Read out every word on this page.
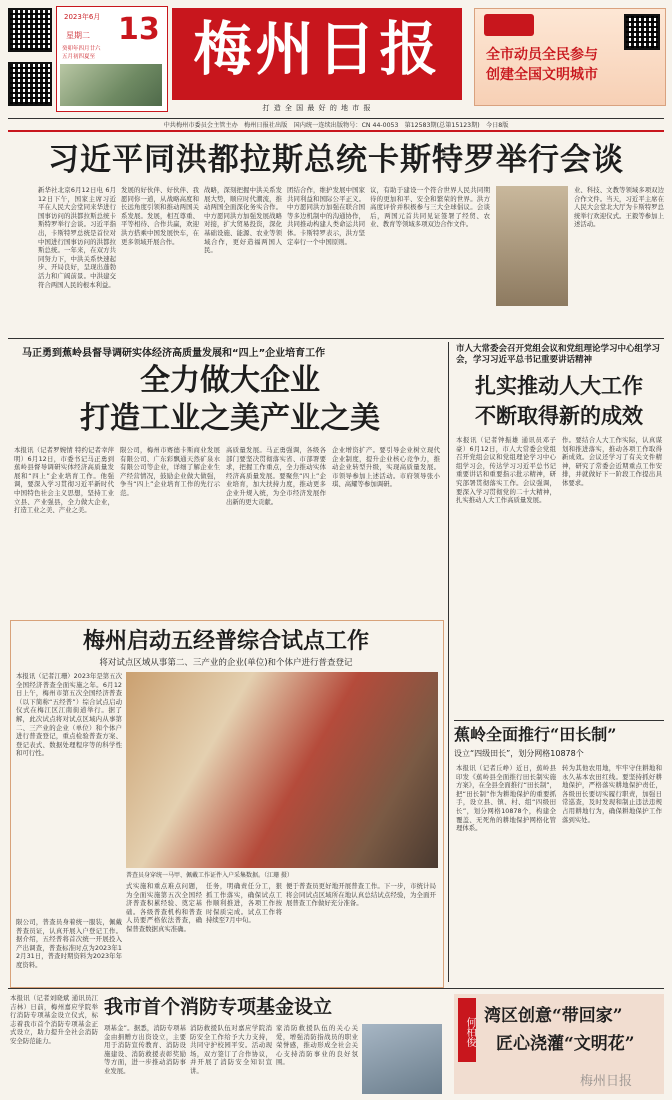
2023年6月 13
星期二
癸卯年四月廿六
五月初四夏至 梅州日报
打 造 全 国 最 好 的 地 市 报
全市动员全民参与
创建全国文明城市
中共梅州市委员会主管主办　梅州日报社出版　国内统一连续出版物号：CN 44-0053　第12583期(总第15123期)　今日8版
习近平同洪都拉斯总统卡斯特罗举行会谈
新华社北京6月12日电 6月12日下午，国家主席习近平在人民大会堂同来华进行国事访问的洪都拉斯总统卡斯特罗举行会谈。习近平指出，卡斯特罗总统是首位对中国进行国事访问的洪都拉斯总统。一年来，在双方共同努力下，中洪关系快速起步、开局良好，呈现出蓬勃活力和广阔前景。中洪建交符合两国人民的根本利益。
发展的好伙伴、好伙伴、我愿同你一道，从战略高度和长远角度引领和推动两国关系发展。发展，相互尊重、平等相待、合作共赢，欢迎洪方搭乘中国发展快车，在更多领域开展合作。
战略，深刻把握中洪关系发展大势，顺应时代潮流，推动两国全面深化务实合作。中方愿同洪方加强发展战略对接，扩大贸易投资，深化基础设施、能源、农业等领域合作，更好造福两国人民。
团结合作，维护发展中国家共同利益和国际公平正义。中方愿同洪方加强在联合国等多边机制中的沟通协作，共同推动构建人类命运共同体。卡斯特罗表示，洪方坚定奉行一个中国原则。
议，有助于建设一个符合世界人民共同期待的更加和平、安全和繁荣的世界。洪方高度评价并积极参与三大全球倡议。会谈后，两国元首共同见证签署了经贸、农业、教育等领域多项双边合作文件。
业、科技、文教等领域多项双边合作文件。当天，习近平主席在人民大会堂北大厅为卡斯特罗总统举行欢迎仪式。王毅等参加上述活动。
马正勇到蕉岭县督导调研实体经济高质量发展和“四上”企业培育工作
全力做大企业
打造工业之美产业之美
本报讯（记者罗婉情 特约记者幸萍明）6月12日，市委书记马正勇到蕉岭县督导调研实体经济高质量发展和“四上”企业培育工作。他强调，要深入学习贯彻习近平新时代中国特色社会主义思想，坚持工业立县、产业强县，全力做大企业，打造工业之美、产业之美。
限公司，梅州市赛德卡斯商业发展有限公司、广东彩飘通天然矿泉水有限公司等企业，详细了解企业生产经营情况，鼓励企业做大做强，争当“四上”企业培育工作的先行示范。
高质量发展。马正勇强调，各级各部门要坚决贯彻落实省、市部署要求，把握工作重点，全力推动实体经济高质量发展。要聚焦“四上”企业培育，加大扶持力度，推动更多企业升规入统，为全市经济发展作出新的更大贡献。
企业增资扩产。要引导企业树立现代企业制度，提升企业核心竞争力，推动企业转型升级，实现高质量发展。市领导参加上述活动。市府领导张小琪、高耀等参加调研。
市人大常委会召开党组会议和党组理论学习中心组学习会，学习习近平总书记重要讲话精神
扎实推动人大工作
不断取得新的成效
本报讯（记者钟振雄 通讯员邓子豪）6月12日，市人大常委会党组召开党组会议和党组理论学习中心组学习会，传达学习习近平总书记重要讲话和重要指示批示精神，研究部署贯彻落实工作。会议强调，要深入学习贯彻党的二十大精神，扎实推动人大工作高质量发展。
作。要结合人大工作实际，认真谋划和推进落实，推动各项工作取得新成效。会议还学习了有关文件精神，研究了常委会近期重点工作安排，并就做好下一阶段工作提出具体要求。
梅州启动五经普综合试点工作
将对试点区域从事第二、三产业的企业(单位)和个体户进行普查登记
本报讯（记者江珊）2023年是第五次全国经济普查全面实施之年。6月12日上午，梅州市第五次全国经济普查（以下简称“五经普”）综合试点启动仪式在梅江区江南街道举行。据了解，此次试点将对试点区域内从事第二、三产业的企业（单位）和个体户进行普查登记，重点检验普查方案、登记表式、数据处理程序等的科学性和可行性。
普查员身穿统一马甲、佩戴工作证件入户采集数据。（江珊 摄）
限公司，普查员身着统一服装，佩戴普查员证，认真开展入户登记工作。据介绍，五经普将首次统一开展投入产出调查，普查标准时点为2023年12月31日，普查时期资料为2023年年度资料。
式实施和重点难点问题，为全面实施第五次全国经济普查积累经验、奠定基础。各级普查机构和普查人员要严格依法普查，确保普查数据真实准确。
任务，明确责任分工，狠抓工作落实，确保试点工作顺利推进，各项工作按时保质完成。试点工作将持续至7月中旬。
便于普查员更好地开展普查工作。下一步，市统计局将会同试点区域所在地认真总结试点经验，为全面开展普查工作做好充分准备。
蕉岭全面推行“田长制”
设立“四级田长”，划分网格10878个
本报讯（记者丘峥）近日，蕉岭县印发《蕉岭县全面推行田长制实施方案》，在全县全面推行“田长制”，把“田长制”作为耕地保护的重要抓手，设立县、镇、村、组“四级田长”，划分网格10878个，构建全覆盖、无死角的耕地保护网格化管理体系。
转为其他农用地，牢牢守住耕地和永久基本农田红线。要坚持抓好耕地保护，严格落实耕地保护责任，各级田长要切实履行职责，加强日常巡查，及时发现和制止违法违规占用耕地行为，确保耕地保护工作落到实处。
我市首个消防专项基金设立
本报讯（记者刘晓斌 通讯员江吉林）日前，梅州嘉应学院举行消防专项基金设立仪式，标志着我市首个消防专项基金正式设立，助力提升全社会消防安全防范能力。
项基金”。据悉，消防专项基金由捐赠方出资设立，主要用于消防宣传教育、消防设施建设、消防救援表彰奖励等方面，进一步推动消防事业发展。
消防救援队伍对嘉应学院消防安全工作给予大力支持，共同守护校园平安。活动现场，双方签订了合作协议，并开展了消防安全知识宣讲。
家消防救援队伍的关心关爱，增强消防指战员的职业荣誉感，推动形成全社会关心支持消防事业的良好氛围。
何柏俊
湾区创意“带回家”
匠心浇灌“文明花”
梅州日报
